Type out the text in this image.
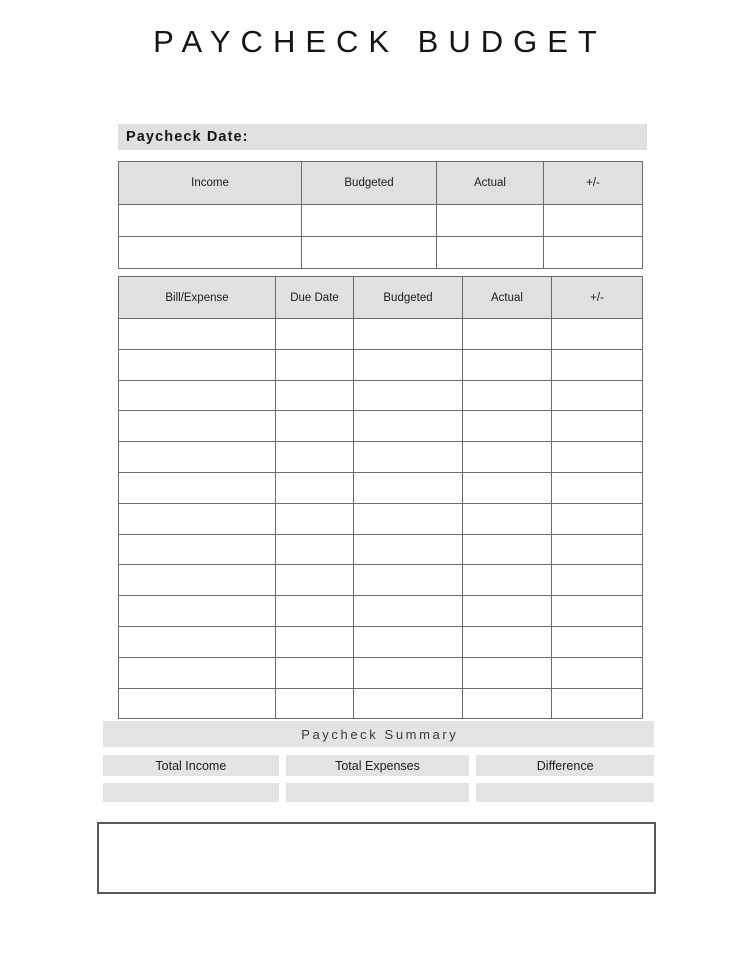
PAYCHECK BUDGET
Paycheck Date:
Income	Budgeted	Actual	+/-

Bill/Expense	Due Date	Budgeted	Actual	+/-

Paycheck Summary
Total Income	Total Expenses	Difference
